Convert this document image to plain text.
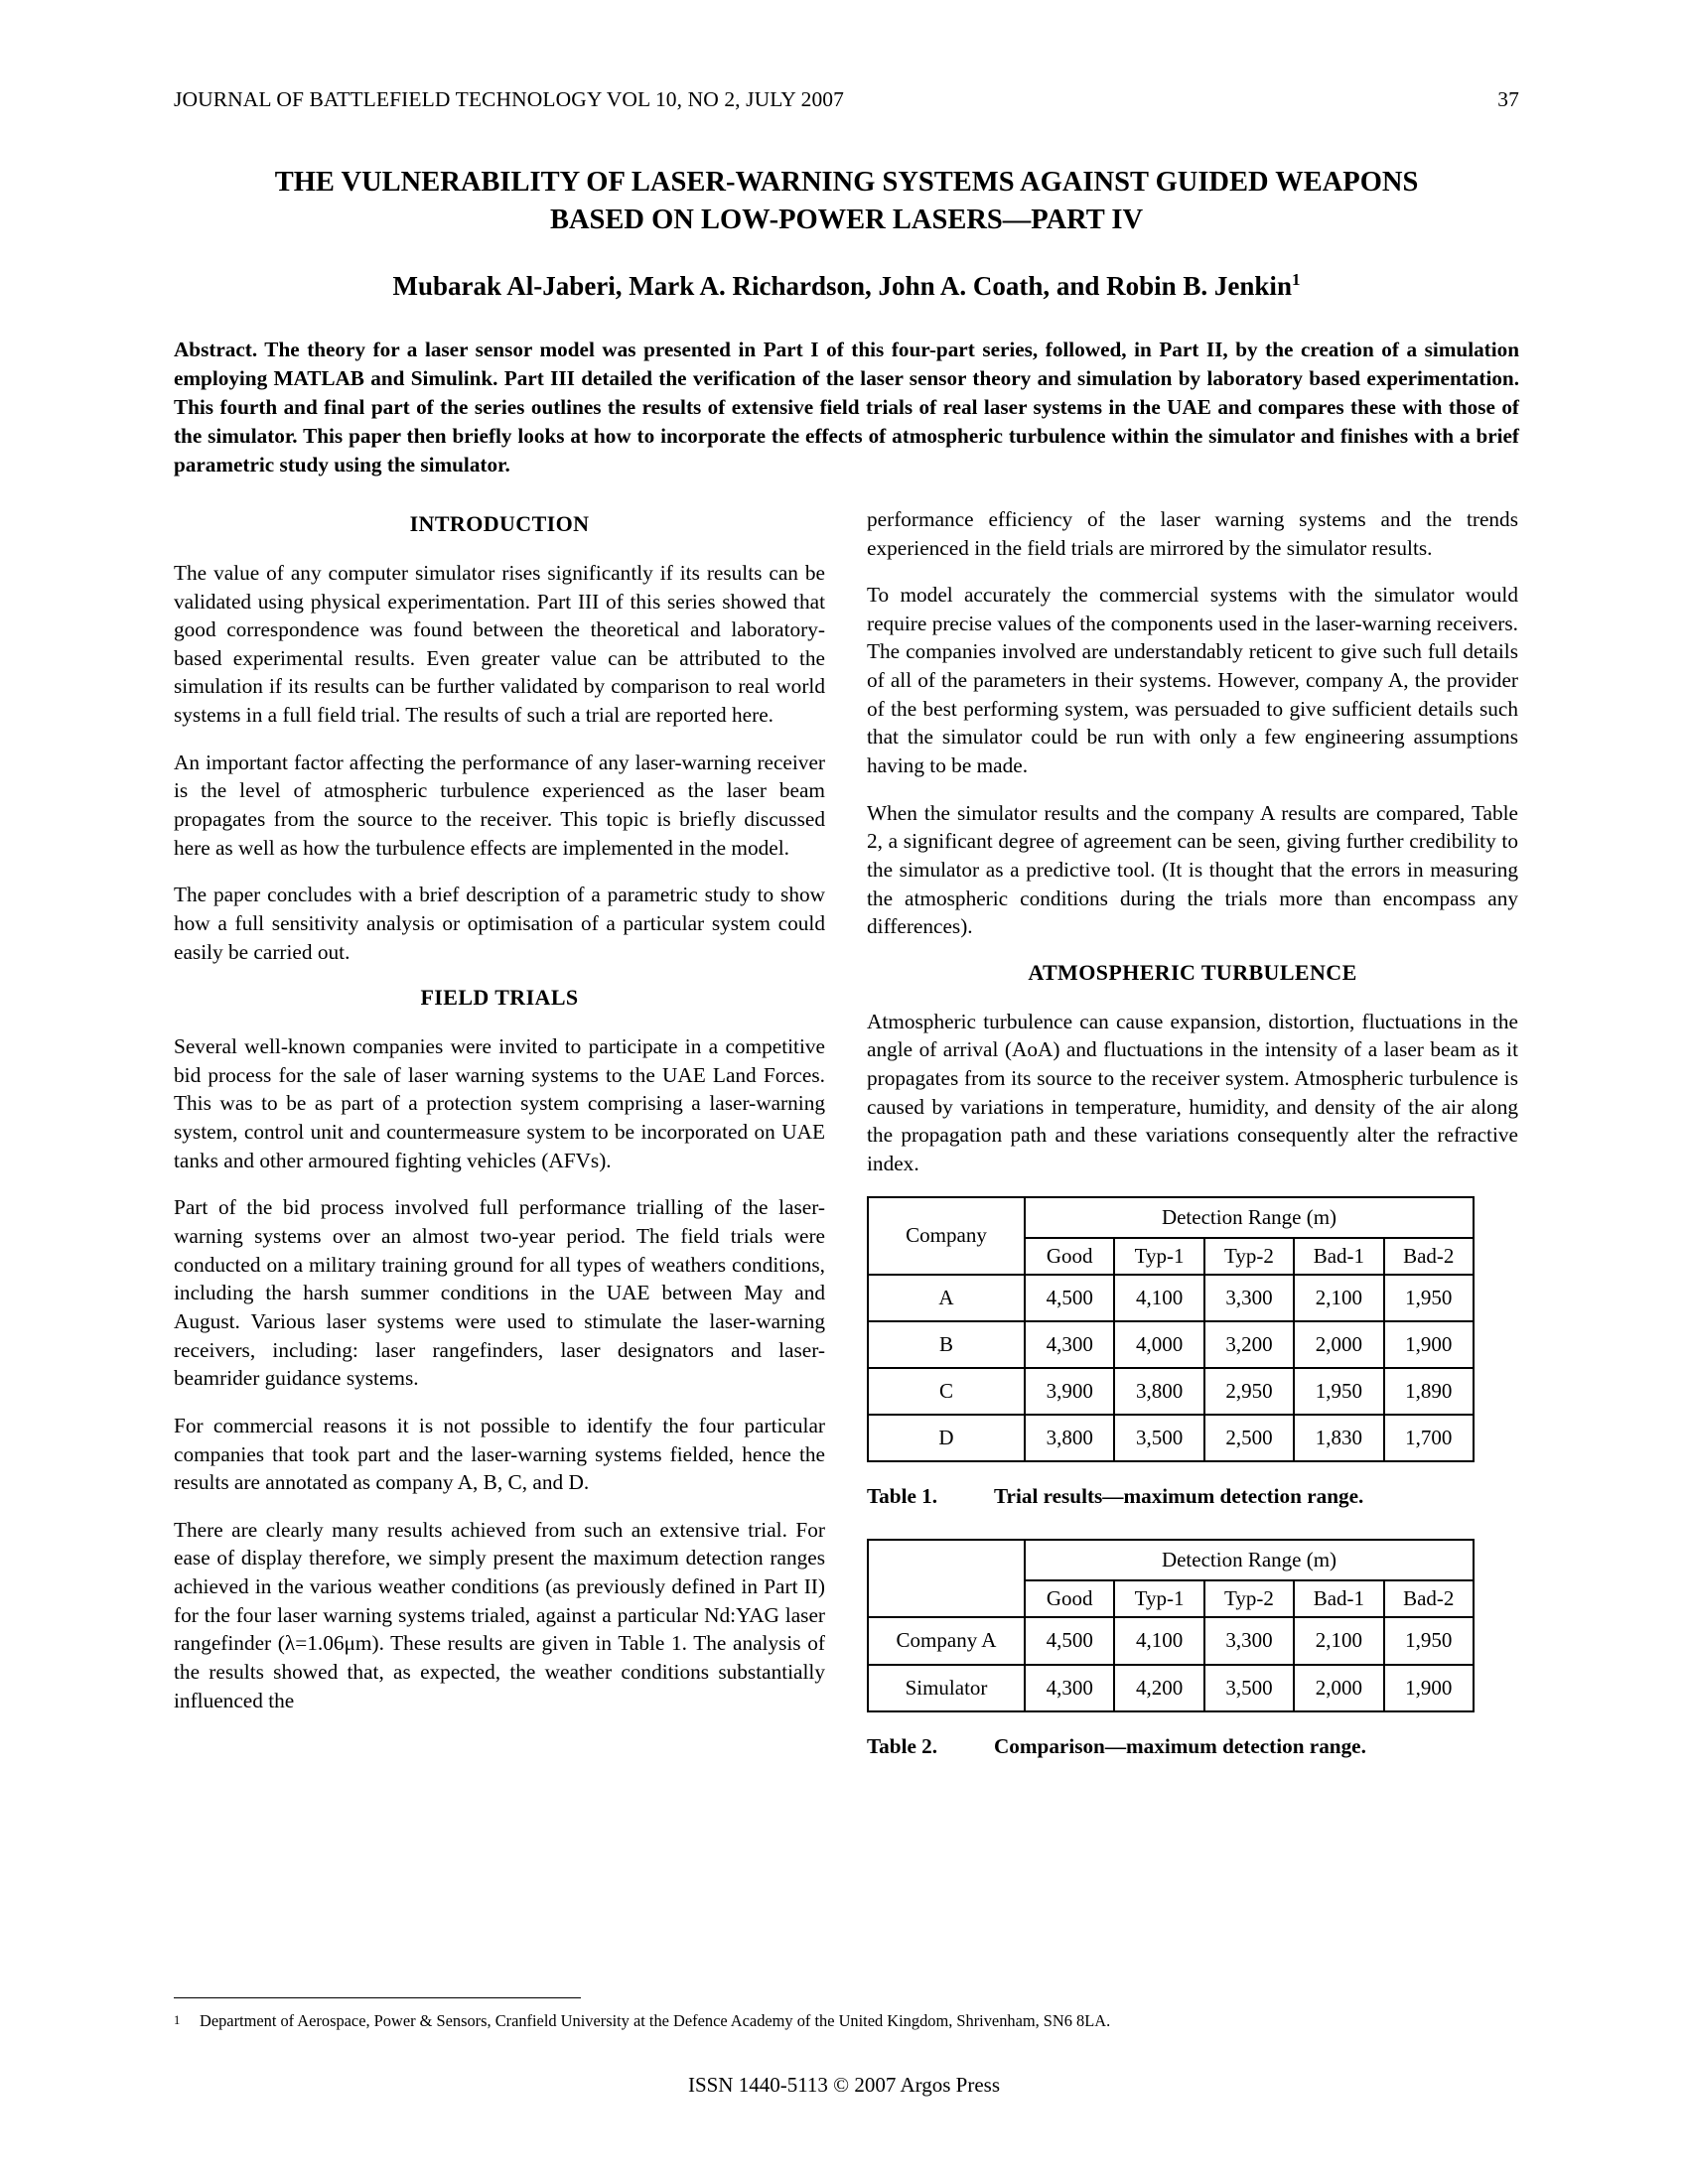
JOURNAL OF BATTLEFIELD TECHNOLOGY VOL 10, NO 2, JULY 2007	37
THE VULNERABILITY OF LASER-WARNING SYSTEMS AGAINST GUIDED WEAPONS
BASED ON LOW-POWER LASERS—PART IV
Mubarak Al-Jaberi, Mark A. Richardson, John A. Coath, and Robin B. Jenkin$^1$
Abstract. The theory for a laser sensor model was presented in Part I of this four-part series, followed, in Part II, by the creation of a simulation employing MATLAB and Simulink. Part III detailed the verification of the laser sensor theory and simulation by laboratory based experimentation. This fourth and final part of the series outlines the results of extensive field trials of real laser systems in the UAE and compares these with those of the simulator. This paper then briefly looks at how to incorporate the effects of atmospheric turbulence within the simulator and finishes with a brief parametric study using the simulator.
INTRODUCTION

The value of any computer simulator rises significantly if its results can be validated using physical experimentation. Part III of this series showed that good correspondence was found between the theoretical and laboratory-based experimental results. Even greater value can be attributed to the simulation if its results can be further validated by comparison to real world systems in a full field trial. The results of such a trial are reported here.

An important factor affecting the performance of any laser-warning receiver is the level of atmospheric turbulence experienced as the laser beam propagates from the source to the receiver. This topic is briefly discussed here as well as how the turbulence effects are implemented in the model.

The paper concludes with a brief description of a parametric study to show how a full sensitivity analysis or optimisation of a particular system could easily be carried out.

FIELD TRIALS

Several well-known companies were invited to participate in a competitive bid process for the sale of laser warning systems to the UAE Land Forces. This was to be as part of a protection system comprising a laser-warning system, control unit and countermeasure system to be incorporated on UAE tanks and other armoured fighting vehicles (AFVs).

Part of the bid process involved full performance trialling of the laser-warning systems over an almost two-year period. The field trials were conducted on a military training ground for all types of weathers conditions, including the harsh summer conditions in the UAE between May and August. Various laser systems were used to stimulate the laser-warning receivers, including: laser rangefinders, laser designators and laser-beamrider guidance systems.

For commercial reasons it is not possible to identify the four particular companies that took part and the laser-warning systems fielded, hence the results are annotated as company A, B, C, and D.

There are clearly many results achieved from such an extensive trial. For ease of display therefore, we simply present the maximum detection ranges achieved in the various weather conditions (as previously defined in Part II) for the four laser warning systems trialed, against a particular Nd:YAG laser rangefinder (λ=1.06μm). These results are given in Table 1. The analysis of the results showed that, as expected, the weather conditions substantially influenced the

performance efficiency of the laser warning systems and the trends experienced in the field trials are mirrored by the simulator results.

To model accurately the commercial systems with the simulator would require precise values of the components used in the laser-warning receivers. The companies involved are understandably reticent to give such full details of all of the parameters in their systems. However, company A, the provider of the best performing system, was persuaded to give sufficient details such that the simulator could be run with only a few engineering assumptions having to be made.

When the simulator results and the company A results are compared, Table 2, a significant degree of agreement can be seen, giving further credibility to the simulator as a predictive tool. (It is thought that the errors in measuring the atmospheric conditions during the trials more than encompass any differences).

ATMOSPHERIC TURBULENCE

Atmospheric turbulence can cause expansion, distortion, fluctuations in the angle of arrival (AoA) and fluctuations in the intensity of a laser beam as it propagates from its source to the receiver system. Atmospheric turbulence is caused by variations in temperature, humidity, and density of the air along the propagation path and these variations consequently alter the refractive index.

Company	Detection Range (m)				
	Good	Typ-1	Typ-2	Bad-1	Bad-2
A	4,500	4,100	3,300	2,100	1,950
B	4,300	4,000	3,200	2,000	1,900
C	3,900	3,800	2,950	1,950	1,890
D	3,800	3,500	2,500	1,830	1,700
Table 1.	Trial results—maximum detection range.
	Detection Range (m)				
	Good	Typ-1	Typ-2	Bad-1	Bad-2
Company A	4,500	4,100	3,300	2,100	1,950
Simulator	4,300	4,200	3,500	2,000	1,900
Table 2.	Comparison—maximum detection range.
1	Department of Aerospace, Power & Sensors, Cranfield University at the Defence Academy of the United Kingdom, Shrivenham, SN6 8LA.
ISSN 1440-5113 © 2007 Argos Press
